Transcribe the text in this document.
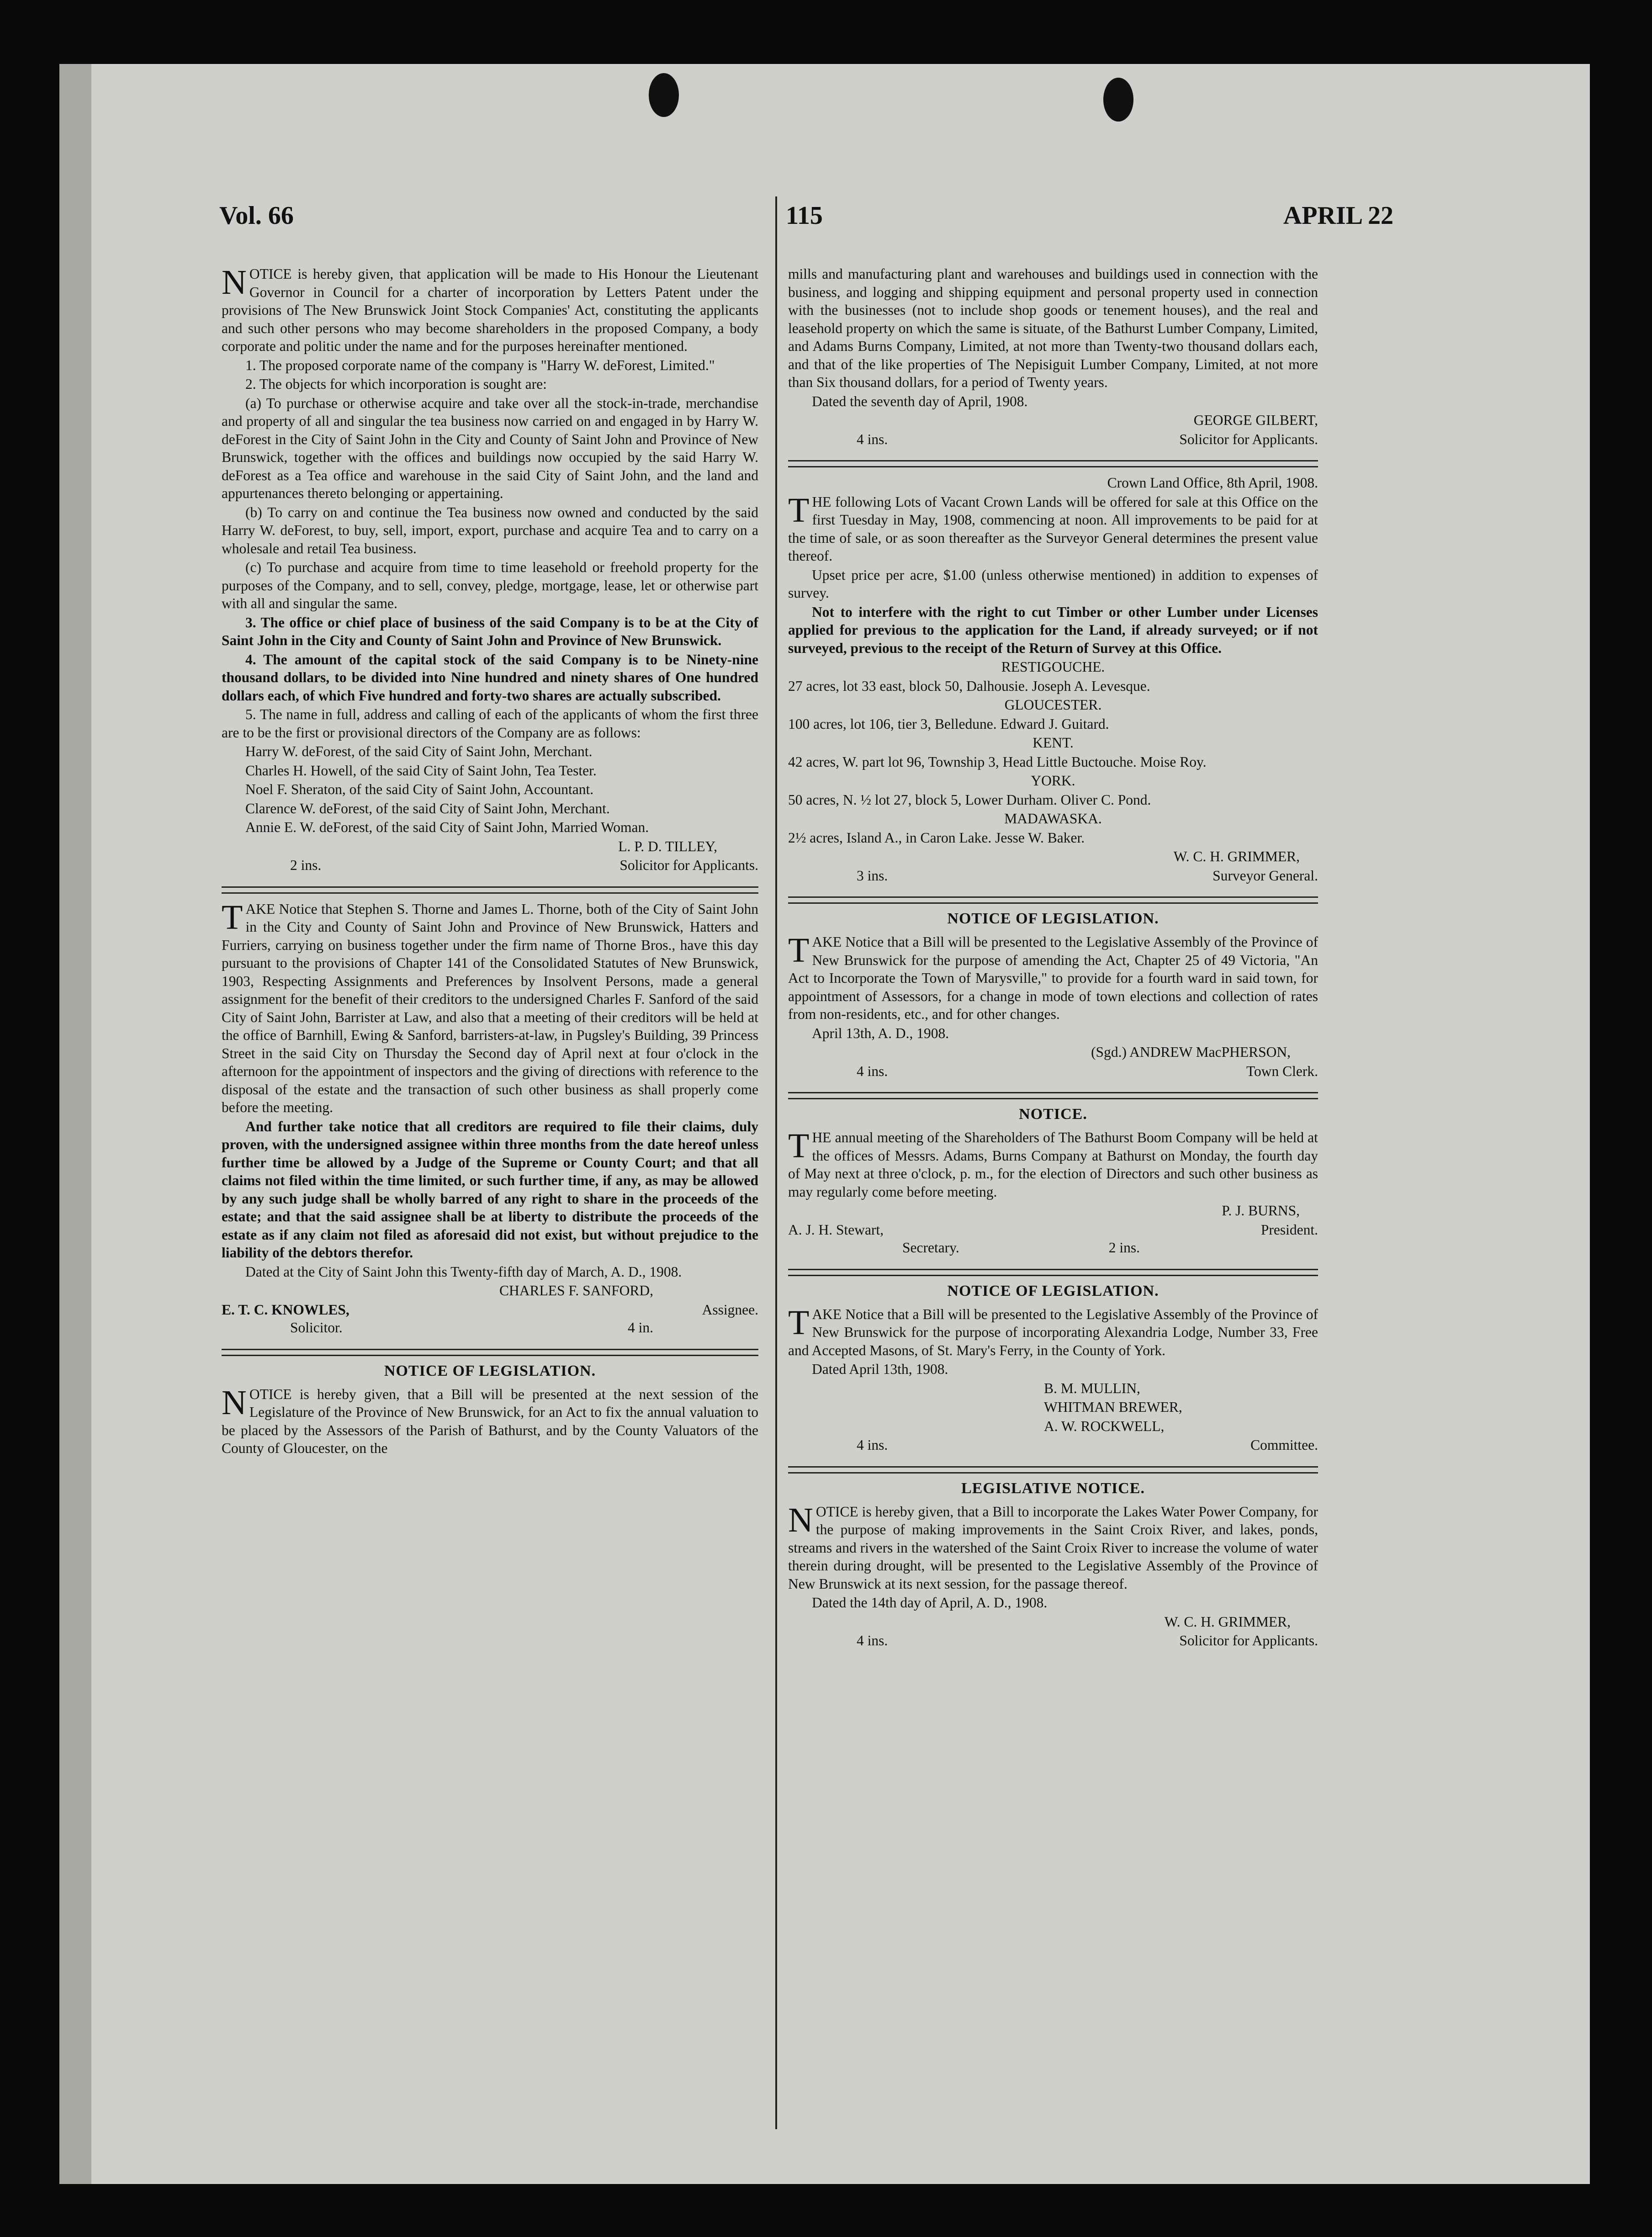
Vol. 66	115	APRIL 22

NOTICE is hereby given, that application will be made to His Honour the Lieutenant Governor in Council for a charter of incorporation by Letters Patent under the provisions of The New Brunswick Joint Stock Companies' Act, constituting the applicants and such other persons who may become shareholders in the proposed Company, a body corporate and politic under the name and for the purposes hereinafter mentioned.

1. The proposed corporate name of the company is "Harry W. deForest, Limited."

2. The objects for which incorporation is sought are:

(a) To purchase or otherwise acquire and take over all the stock-in-trade, merchandise and property of all and singular the tea business now carried on and engaged in by Harry W. deForest in the City of Saint John in the City and County of Saint John and Province of New Brunswick, together with the offices and buildings now occupied by the said Harry W. deForest as a Tea office and warehouse in the said City of Saint John, and the land and appurtenances thereto belonging or appertaining.

(b) To carry on and continue the Tea business now owned and conducted by the said Harry W. deForest, to buy, sell, import, export, purchase and acquire Tea and to carry on a wholesale and retail Tea business.

(c) To purchase and acquire from time to time leasehold or freehold property for the purposes of the Company, and to sell, convey, pledge, mortgage, lease, let or otherwise part with all and singular the same.

3. The office or chief place of business of the said Company is to be at the City of Saint John in the City and County of Saint John and Province of New Brunswick.

4. The amount of the capital stock of the said Company is to be Ninety-nine thousand dollars, to be divided into Nine hundred and ninety shares of One hundred dollars each, of which Five hundred and forty-two shares are actually subscribed.

5. The name in full, address and calling of each of the applicants of whom the first three are to be the first or provisional directors of the Company are as follows:

Harry W. deForest, of the said City of Saint John, Merchant.

Charles H. Howell, of the said City of Saint John, Tea Tester.

Noel F. Sheraton, of the said City of Saint John, Accountant.

Clarence W. deForest, of the said City of Saint John, Merchant.

Annie E. W. deForest, of the said City of Saint John, Married Woman.

L. P. D. TILLEY,

2 ins.	Solicitor for Applicants.

TAKE Notice that Stephen S. Thorne and James L. Thorne, both of the City of Saint John in the City and County of Saint John and Province of New Brunswick, Hatters and Furriers, carrying on business together under the firm name of Thorne Bros., have this day pursuant to the provisions of Chapter 141 of the Consolidated Statutes of New Brunswick, 1903, Respecting Assignments and Preferences by Insolvent Persons, made a general assignment for the benefit of their creditors to the undersigned Charles F. Sanford of the said City of Saint John, Barrister at Law, and also that a meeting of their creditors will be held at the office of Barnhill, Ewing & Sanford, barristers-at-law, in Pugsley's Building, 39 Princess Street in the said City on Thursday the Second day of April next at four o'clock in the afternoon for the appointment of inspectors and the giving of directions with reference to the disposal of the estate and the transaction of such other business as shall properly come before the meeting.

And further take notice that all creditors are required to file their claims, duly proven, with the undersigned assignee within three months from the date hereof unless further time be allowed by a Judge of the Supreme or County Court; and that all claims not filed within the time limited, or such further time, if any, as may be allowed by any such judge shall be wholly barred of any right to share in the proceeds of the estate; and that the said assignee shall be at liberty to distribute the proceeds of the estate as if any claim not filed as aforesaid did not exist, but without prejudice to the liability of the debtors therefor.

Dated at the City of Saint John this Twenty-fifth day of March, A. D., 1908.

CHARLES F. SANFORD,

E. T. C. KNOWLES,	Assignee.
Solicitor.	4 in.
NOTICE OF LEGISLATION.

NOTICE is hereby given, that a Bill will be presented at the next session of the Legislature of the Province of New Brunswick, for an Act to fix the annual valuation to be placed by the Assessors of the Parish of Bathurst, and by the County Valuators of the County of Gloucester, on the

mills and manufacturing plant and warehouses and buildings used in connection with the business, and logging and shipping equipment and personal property used in connection with the businesses (not to include shop goods or tenement houses), and the real and leasehold property on which the same is situate, of the Bathurst Lumber Company, Limited, and Adams Burns Company, Limited, at not more than Twenty-two thousand dollars each, and that of the like properties of The Nepisiguit Lumber Company, Limited, at not more than Six thousand dollars, for a period of Twenty years.

Dated the seventh day of April, 1908.

GEORGE GILBERT,

4 ins.	Solicitor for Applicants.

Crown Land Office, 8th April, 1908.

THE following Lots of Vacant Crown Lands will be offered for sale at this Office on the first Tuesday in May, 1908, commencing at noon. All improvements to be paid for at the time of sale, or as soon thereafter as the Surveyor General determines the present value thereof.

Upset price per acre, $1.00 (unless otherwise mentioned) in addition to expenses of survey.

Not to interfere with the right to cut Timber or other Lumber under Licenses applied for previous to the application for the Land, if already surveyed; or if not surveyed, previous to the receipt of the Return of Survey at this Office.

RESTIGOUCHE.

27 acres, lot 33 east, block 50, Dalhousie. Joseph A. Levesque.

GLOUCESTER.

100 acres, lot 106, tier 3, Belledune. Edward J. Guitard.

KENT.

42 acres, W. part lot 96, Township 3, Head Little Buctouche. Moise Roy.

YORK.

50 acres, N. ½ lot 27, block 5, Lower Durham. Oliver C. Pond.

MADAWASKA.

2½ acres, Island A., in Caron Lake. Jesse W. Baker.

W. C. H. GRIMMER,

3 ins.	Surveyor General.
NOTICE OF LEGISLATION.

TAKE Notice that a Bill will be presented to the Legislative Assembly of the Province of New Brunswick for the purpose of amending the Act, Chapter 25 of 49 Victoria, "An Act to Incorporate the Town of Marysville," to provide for a fourth ward in said town, for appointment of Assessors, for a change in mode of town elections and collection of rates from non-residents, etc., and for other changes.

April 13th, A. D., 1908.

(Sgd.) ANDREW MacPHERSON,

4 ins.	Town Clerk.
NOTICE.

THE annual meeting of the Shareholders of The Bathurst Boom Company will be held at the offices of Messrs. Adams, Burns Company at Bathurst on Monday, the fourth day of May next at three o'clock, p. m., for the election of Directors and such other business as may regularly come before meeting.

P. J. BURNS,

A. J. H. Stewart,	President.
Secretary.	2 ins.
NOTICE OF LEGISLATION.

TAKE Notice that a Bill will be presented to the Legislative Assembly of the Province of New Brunswick for the purpose of incorporating Alexandria Lodge, Number 33, Free and Accepted Masons, of St. Mary's Ferry, in the County of York.

Dated April 13th, 1908.

B. M. MULLIN,

WHITMAN BREWER,

A. W. ROCKWELL,

4 ins.	Committee.
LEGISLATIVE NOTICE.

NOTICE is hereby given, that a Bill to incorporate the Lakes Water Power Company, for the purpose of making improvements in the Saint Croix River, and lakes, ponds, streams and rivers in the watershed of the Saint Croix River to increase the volume of water therein during drought, will be presented to the Legislative Assembly of the Province of New Brunswick at its next session, for the passage thereof.

Dated the 14th day of April, A. D., 1908.

W. C. H. GRIMMER,

4 ins.	Solicitor for Applicants.
